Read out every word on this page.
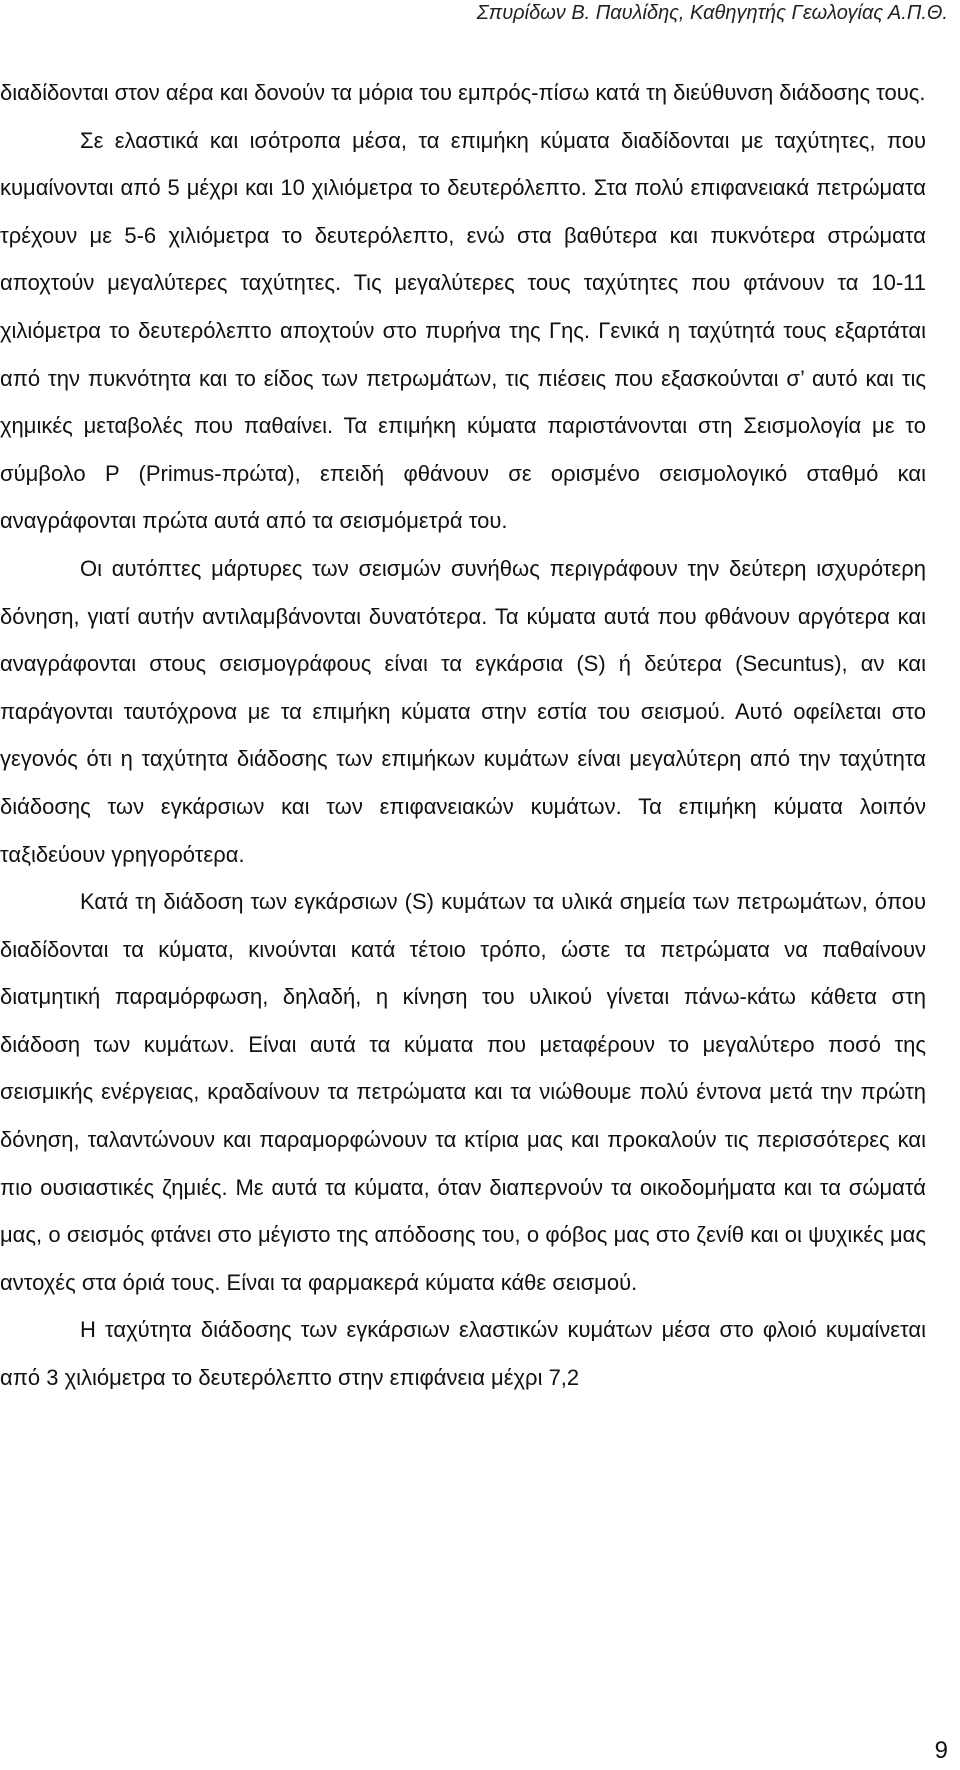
Σπυρίδων Β. Παυλίδης, Καθηγητής Γεωλογίας Α.Π.Θ.

διαδίδονται στον αέρα και δονούν τα μόρια του εμπρός-πίσω κατά τη διεύθυνση διάδοσης τους.

Σε ελαστικά και ισότροπα μέσα, τα επιμήκη κύματα διαδίδονται με ταχύτητες, που κυμαίνονται από 5 μέχρι και 10 χιλιόμετρα το δευτερόλεπτο. Στα πολύ επιφανειακά πετρώματα τρέχουν με 5-6 χιλιόμετρα το δευτερόλεπτο, ενώ στα βαθύτερα και πυκνότερα στρώματα αποχτούν μεγαλύτερες ταχύτητες. Τις μεγαλύτερες τους ταχύτητες που φτάνουν τα 10-11 χιλιόμετρα το δευτερόλεπτο αποχτούν στο πυρήνα της Γης. Γενικά η ταχύτητά τους εξαρτάται από την πυκνότητα και το είδος των πετρωμάτων, τις πιέσεις που εξασκούνται σ’ αυτό και τις χημικές μεταβολές που παθαίνει. Τα επιμήκη κύματα παριστάνονται στη Σεισμολογία με το σύμβολο P (Primus-πρώτα), επειδή φθάνουν σε ορισμένο σεισμολογικό σταθμό και αναγράφονται πρώτα αυτά από τα σεισμόμετρά του.

Οι αυτόπτες μάρτυρες των σεισμών συνήθως περιγράφουν την δεύτερη ισχυρότερη δόνηση, γιατί αυτήν αντιλαμβάνονται δυνατότερα. Τα κύματα αυτά που φθάνουν αργότερα και αναγράφονται στους σεισμογράφους είναι τα εγκάρσια (S) ή δεύτερα (Secuntus), αν και παράγονται ταυτόχρονα με τα επιμήκη κύματα στην εστία του σεισμού. Αυτό οφείλεται στο γεγονός ότι η ταχύτητα διάδοσης των επιμήκων κυμάτων είναι μεγαλύτερη από την ταχύτητα διάδοσης των εγκάρσιων και των επιφανειακών κυμάτων. Τα επιμήκη κύματα λοιπόν ταξιδεύουν γρηγορότερα.

Κατά τη διάδοση των εγκάρσιων (S) κυμάτων τα υλικά σημεία των πετρωμάτων, όπου διαδίδονται τα κύματα, κινούνται κατά τέτοιο τρόπο, ώστε τα πετρώματα να παθαίνουν διατμητική παραμόρφωση, δηλαδή, η κίνηση του υλικού γίνεται πάνω-κάτω κάθετα στη διάδοση των κυμάτων. Είναι αυτά τα κύματα που μεταφέρουν το μεγαλύτερο ποσό της σεισμικής ενέργειας, κραδαίνουν τα πετρώματα και τα νιώθουμε πολύ έντονα μετά την πρώτη δόνηση, ταλαντώνουν και παραμορφώνουν τα κτίρια μας και προκαλούν τις περισσότερες και πιο ουσιαστικές ζημιές. Με αυτά τα κύματα, όταν διαπερνούν τα οικοδομήματα και τα σώματά μας, ο σεισμός φτάνει στο μέγιστο της απόδοσης του, ο φόβος μας στο ζενίθ και οι ψυχικές μας αντοχές στα όριά τους. Είναι τα φαρμακερά κύματα κάθε σεισμού.

Η ταχύτητα διάδοσης των εγκάρσιων ελαστικών κυμάτων μέσα στο φλοιό κυμαίνεται από 3 χιλιόμετρα το δευτερόλεπτο στην επιφάνεια μέχρι 7,2

9
